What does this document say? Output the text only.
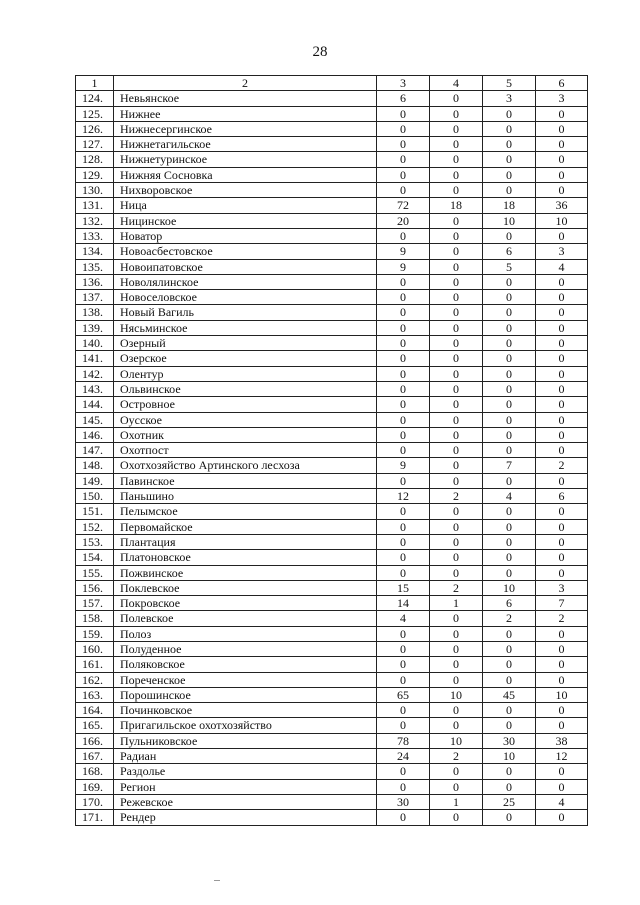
28
1	2	3	4	5	6
124.	Невьянское	6	0	3	3
125.	Нижнее	0	0	0	0
126.	Нижнесергинское	0	0	0	0
127.	Нижнетагильское	0	0	0	0
128.	Нижнетуринское	0	0	0	0
129.	Нижняя Сосновка	0	0	0	0
130.	Нихворовское	0	0	0	0
131.	Ница	72	18	18	36
132.	Ницинское	20	0	10	10
133.	Новатор	0	0	0	0
134.	Новоасбестовское	9	0	6	3
135.	Новоипатовское	9	0	5	4
136.	Новолялинское	0	0	0	0
137.	Новоселовское	0	0	0	0
138.	Новый Вагиль	0	0	0	0
139.	Нясьминское	0	0	0	0
140.	Озерный	0	0	0	0
141.	Озерское	0	0	0	0
142.	Олентур	0	0	0	0
143.	Ольвинское	0	0	0	0
144.	Островное	0	0	0	0
145.	Оусское	0	0	0	0
146.	Охотник	0	0	0	0
147.	Охотпост	0	0	0	0
148.	Охотхозяйство Артинского лесхоза	9	0	7	2
149.	Павинское	0	0	0	0
150.	Паньшино	12	2	4	6
151.	Пелымское	0	0	0	0
152.	Первомайское	0	0	0	0
153.	Плантация	0	0	0	0
154.	Платоновское	0	0	0	0
155.	Пожвинское	0	0	0	0
156.	Поклевское	15	2	10	3
157.	Покровское	14	1	6	7
158.	Полевское	4	0	2	2
159.	Полоз	0	0	0	0
160.	Полуденное	0	0	0	0
161.	Поляковское	0	0	0	0
162.	Пореченское	0	0	0	0
163.	Порошинское	65	10	45	10
164.	Починковское	0	0	0	0
165.	Пригагильское охотхозяйство	0	0	0	0
166.	Пульниковское	78	10	30	38
167.	Радиан	24	2	10	12
168.	Раздолье	0	0	0	0
169.	Регион	0	0	0	0
170.	Режевское	30	1	25	4
171.	Рендер	0	0	0	0
